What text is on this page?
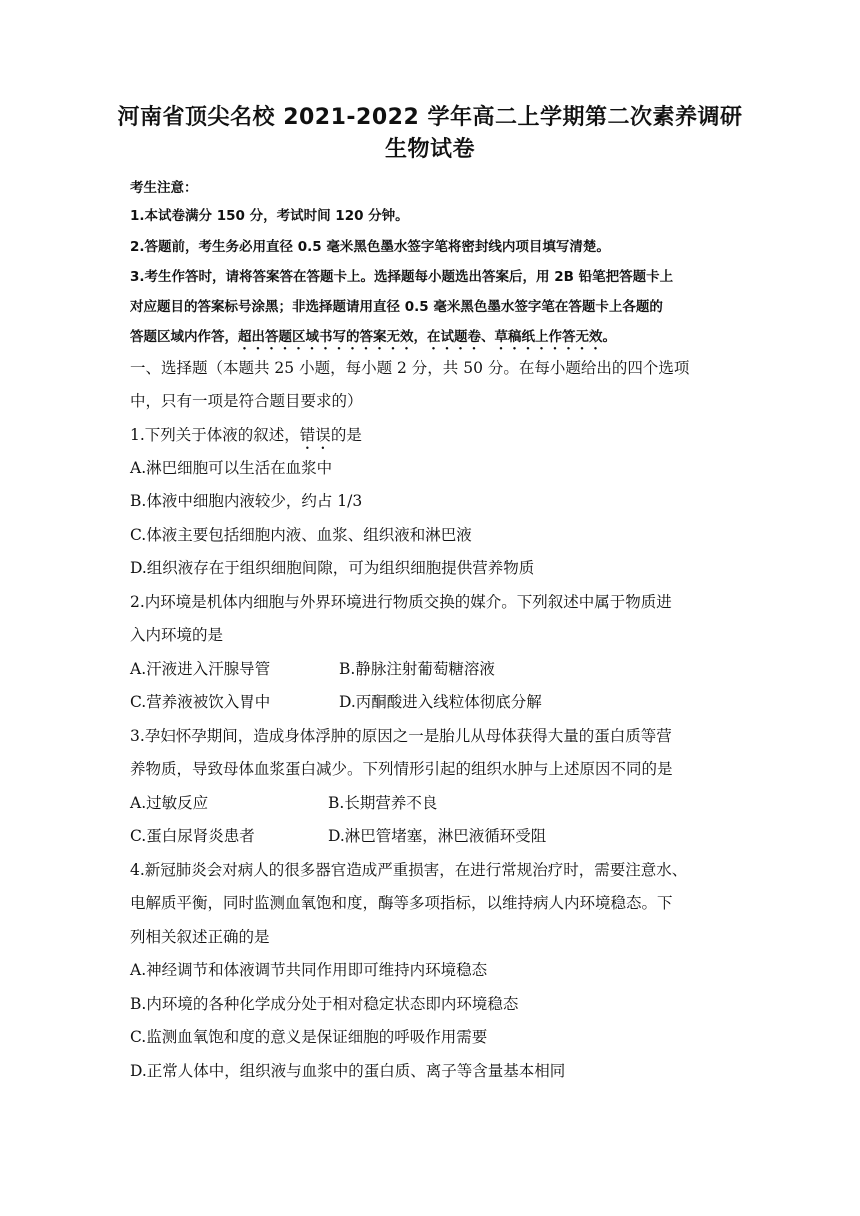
河南省顶尖名校 2021-2022 学年高二上学期第二次素养调研
生物试卷
考生注意：
1.本试卷满分 150 分，考试时间 120 分钟。
2.答题前，考生务必用直径 0.5 毫米黑色墨水签字笔将密封线内项目填写清楚。
3.考生作答时，请将答案答在答题卡上。选择题每小题选出答案后，用 2B 铅笔把答题卡上
对应题目的答案标号涂黑；非选择题请用直径 0.5 毫米黑色墨水签字笔在答题卡上各题的
答题区域内作答，超出答题区域书写的答案无效，在试题卷、草稿纸上作答无效。
一、选择题（本题共 25 小题，每小题 2 分，共 50 分。在每小题给出的四个选项
中，只有一项是符合题目要求的）
1.下列关于体液的叙述，错误的是
A.淋巴细胞可以生活在血浆中
B.体液中细胞内液较少，约占 1/3
C.体液主要包括细胞内液、血浆、组织液和淋巴液
D.组织液存在于组织细胞间隙，可为组织细胞提供营养物质
2.内环境是机体内细胞与外界环境进行物质交换的媒介。下列叙述中属于物质进
入内环境的是
A.汗液进入汗腺导管	B.静脉注射葡萄糖溶液
C.营养液被饮入胃中	D.丙酮酸进入线粒体彻底分解
3.孕妇怀孕期间，造成身体浮肿的原因之一是胎儿从母体获得大量的蛋白质等营
养物质，导致母体血浆蛋白减少。下列情形引起的组织水肿与上述原因不同的是
A.过敏反应	B.长期营养不良
C.蛋白尿肾炎患者	D.淋巴管堵塞，淋巴液循环受阻
4.新冠肺炎会对病人的很多器官造成严重损害，在进行常规治疗时，需要注意水、
电解质平衡，同时监测血氧饱和度，酶等多项指标，以维持病人内环境稳态。下
列相关叙述正确的是
A.神经调节和体液调节共同作用即可维持内环境稳态
B.内环境的各种化学成分处于相对稳定状态即内环境稳态
C.监测血氧饱和度的意义是保证细胞的呼吸作用需要
D.正常人体中，组织液与血浆中的蛋白质、离子等含量基本相同
